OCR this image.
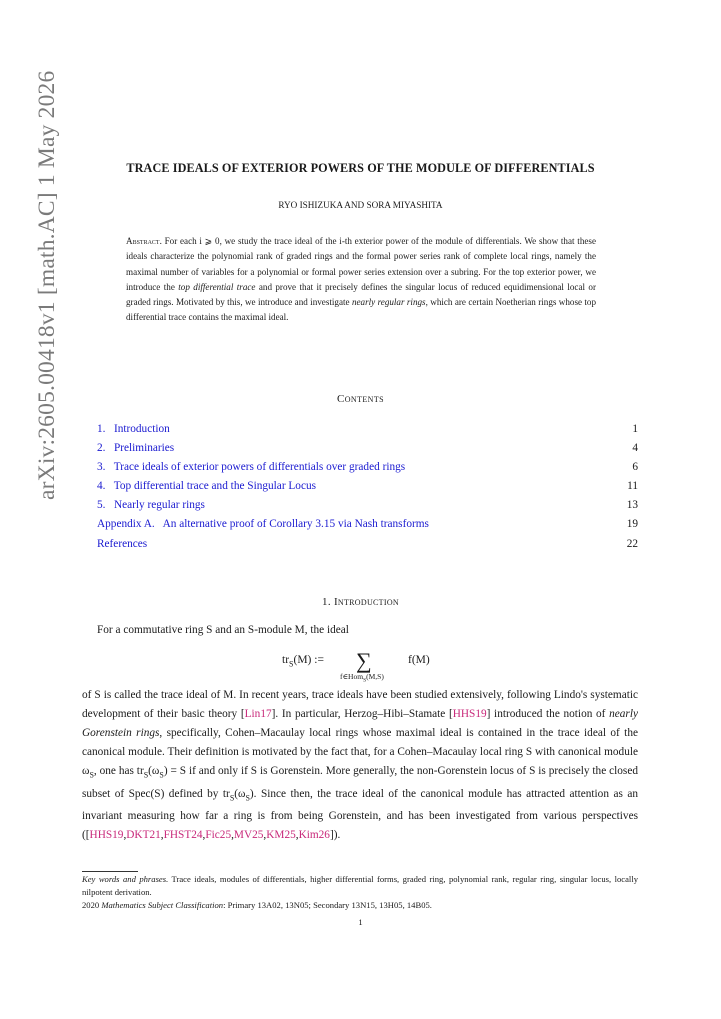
arXiv:2605.00418v1 [math.AC] 1 May 2026	TRACE IDEALS OF EXTERIOR POWERS OF THE MODULE OF DIFFERENTIALS
RYO ISHIZUKA AND SORA MIYASHITA
Abstract. For each i ⩾ 0, we study the trace ideal of the i-th exterior power of the module of differentials. We show that these ideals characterize the polynomial rank of graded rings and the formal power series rank of complete local rings, namely the maximal number of variables for a polynomial or formal power series extension over a subring. For the top exterior power, we introduce the top differential trace and prove that it precisely defines the singular locus of reduced equidimensional local or graded rings. Motivated by this, we introduce and investigate nearly regular rings, which are certain Noetherian rings whose top differential trace contains the maximal ideal.
Contents
1.   Introduction	1
2.   Preliminaries	4
3.   Trace ideals of exterior powers of differentials over graded rings	6
4.   Top differential trace and the Singular Locus	11
5.   Nearly regular rings	13
Appendix A.   An alternative proof of Corollary 3.15 via Nash transforms	19
References	22
1. Introduction
For a commutative ring S and an S-module M, the ideal
$tr_S(M)$ := ∑	f(M)
f∈Hom$_S$(M,S)
of S is called the trace ideal of M. In recent years, trace ideals have been studied extensively, following Lindo's systematic development of their basic theory [Lin17]. In particular, Herzog–Hibi–Stamate [HHS19] introduced the notion of nearly Gorenstein rings, specifically, Cohen–Macaulay local rings whose maximal ideal is contained in the trace ideal of the canonical module. Their definition is motivated by the fact that, for a Cohen–Macaulay local ring S with canonical module $\omega_S$, one has $tr_S(\omega_S) = S$ if and only if S is Gorenstein. More generally, the non-Gorenstein locus of S is precisely the closed subset of Spec(S) defined by $tr_S(\omega_S)$. Since then, the trace ideal of the canonical module has attracted attention as an invariant measuring how far a ring is from being Gorenstein, and has been investigated from various perspectives ([HHS19,DKT21,FHST24,Fic25,MV25,KM25,Kim26]).
Key words and phrases. Trace ideals, modules of differentials, higher differential forms, graded ring, polynomial rank, regular ring, singular locus, locally nilpotent derivation.
2020 Mathematics Subject Classification: Primary 13A02, 13N05; Secondary 13N15, 13H05, 14B05.
1
